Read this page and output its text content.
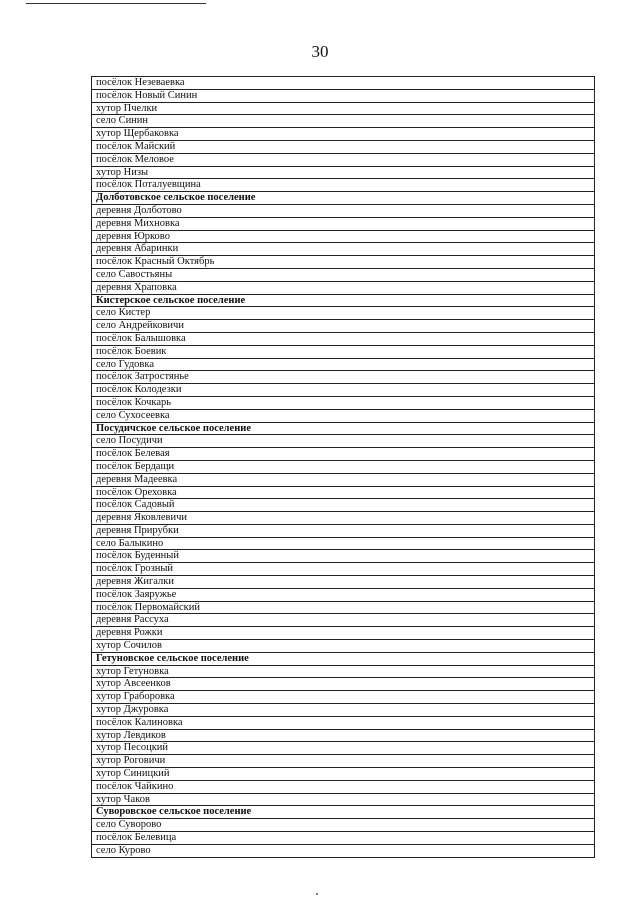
30
посёлок Незеваевка
посёлок Новый Синин
хутор Пчелки
село Синин
хутор Щербаковка
посёлок Майский
посёлок Меловое
хутор Низы
посёлок Поталуевщина
Долботовское сельское поселение
деревня Долботово
деревня Михновка
деревня Юрково
деревня Абаринки
посёлок Красный Октябрь
село Савостьяны
деревня Храповка
Кистерское сельское поселение
село Кистер
село Андрейковичи
посёлок Балышовка
посёлок Боевик
село Гудовка
посёлок Затростянье
посёлок Колодезки
посёлок Кочкарь
село Сухосеевка
Посудичское сельское поселение
село Посудичи
посёлок Белевая
посёлок Бердащи
деревня Мадеевка
посёлок Ореховка
посёлок Садовый
деревня Яковлевичи
деревня Прирубки
село Балыкино
посёлок Буденный
посёлок Грозный
деревня Жигалки
посёлок Заяружье
посёлок Первомайский
деревня Рассуха
деревня Рожки
хутор Сочилов
Гетуновское сельское поселение
хутор Гетуновка
хутор Авсеенков
хутор Граборовка
хутор Джуровка
посёлок Калиновка
хутор Левдиков
хутор Песоцкий
хутор Роговичи
хутор Синицкий
посёлок Чайкино
хутор Чаков
Суворовское сельское поселение
село Суворово
посёлок Белевица
село Курово
